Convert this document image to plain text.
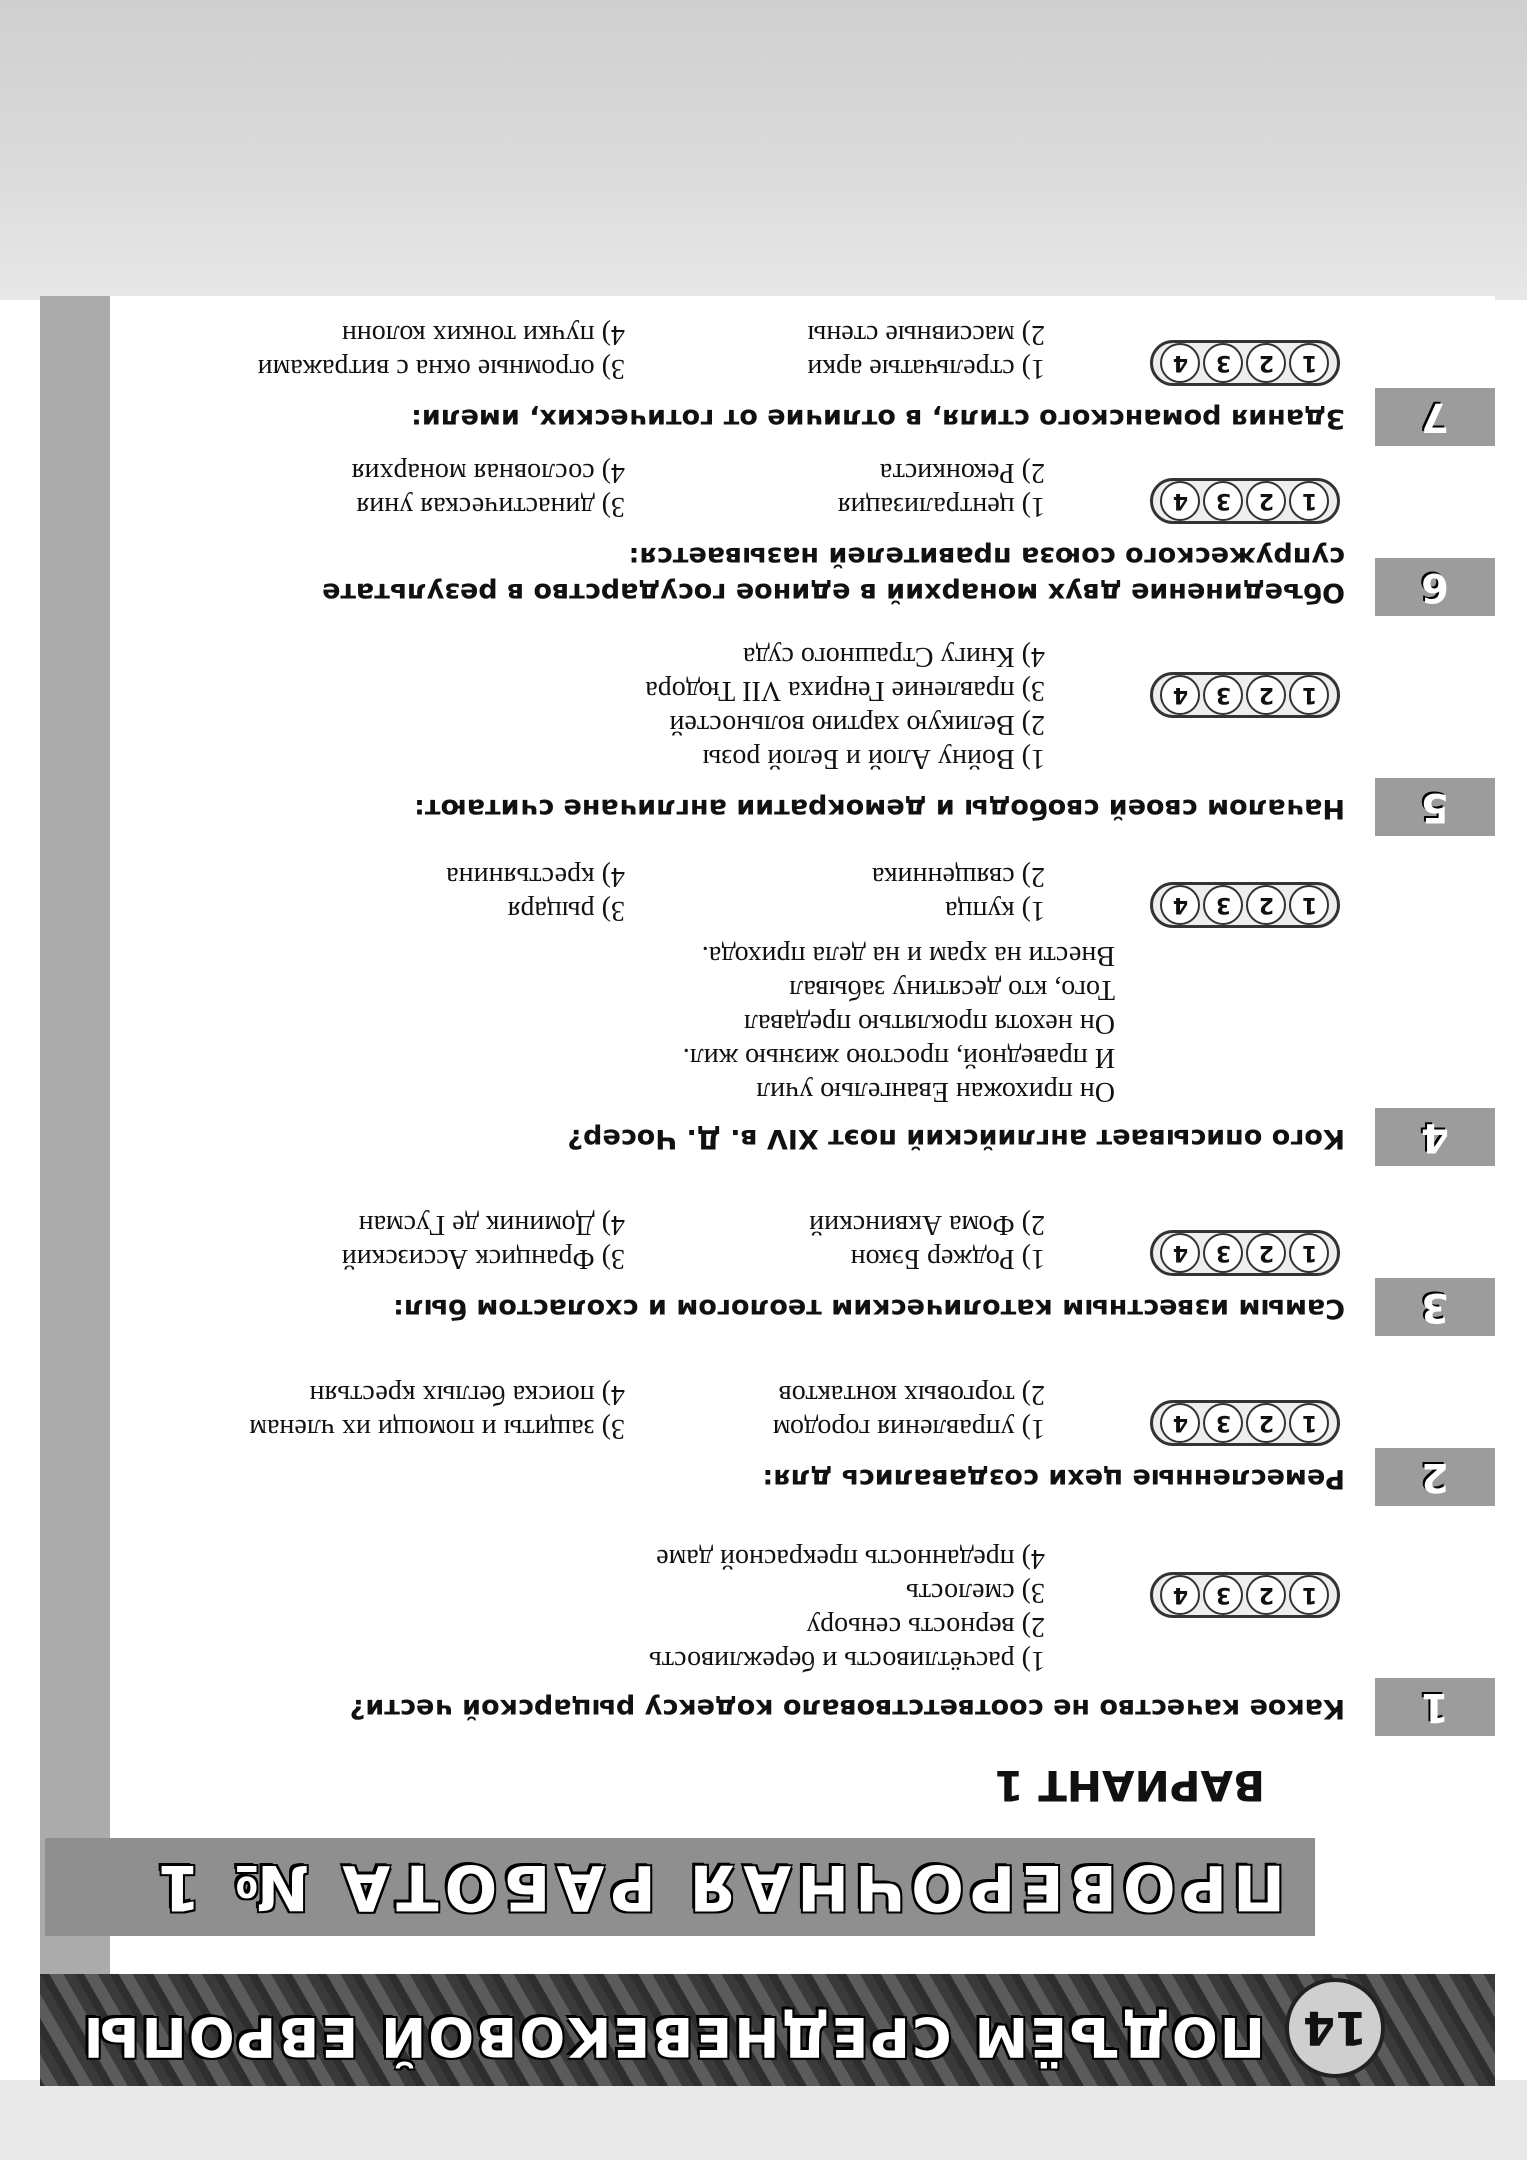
14
ПОДЪЁМ СРЕДНЕВЕКОВОЙ ЕВРОПЫ
ПРОВЕРОЧНАЯ РАБОТА № 1
ВАРИАНТ 1
1
Какое качество не соответствовало кодексу рыцарской чести?
1) расчётливость и бережливость
2) верность сеньору
3) смелость
4) преданность прекрасной даме
1
2
3
4
2
Ремесленные цехи создавались для:
1) управления городом
2) торговых контактов
3) защиты и помощи их членам
4) поиска беглых крестьян
1
2
3
4
3
Самым известным католическим теологом и схоластом был:
1) Роджер Бэкон
2) Фома Аквинский
3) Франциск Ассизский
4) Доминик де Гусман
1
2
3
4
4
Кого описывает английский поэт XIV в. Д. Чосер?
Он прихожан Евангелью учил
И праведной, простою жизнью жил.
Он нехотя проклятью предавал
Того, кто десятину забывал
Внести на храм и на дела прихода.
1) купца
2) священника
3) рыцаря
4) крестьянина
1
2
3
4
5
Началом своей свободы и демократии англичане считают:
1) Войну Алой и Белой розы
2) Великую хартию вольностей
3) правление Генриха VII Тюдора
4) Книгу Страшного суда
1
2
3
4
6
Объединение двух монархий в единое государство в результате супружеского союза правителей называется:
1) централизация
2) Реконкиста
3) династическая уния
4) сословная монархия
1
2
3
4
7
Здания романского стиля, в отличие от готических, имели:
1) стрельчатые арки
2) массивные стены
3) огромные окна с витражами
4) пучки тонких колонн
1
2
3
4
